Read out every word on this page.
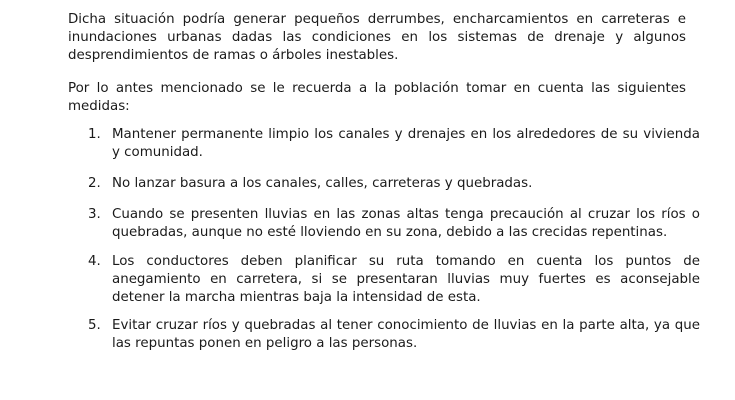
Dicha situación podría generar pequeños derrumbes, encharcamientos en carreteras e inundaciones urbanas dadas las condiciones en los sistemas de drenaje y algunos desprendimientos de ramas o árboles inestables.

Por lo antes mencionado se le recuerda a la población tomar en cuenta las siguientes medidas:

1. Mantener permanente limpio los canales y drenajes en los alrededores de su vivienda y comunidad.
2. No lanzar basura a los canales, calles, carreteras y quebradas.
3. Cuando se presenten lluvias en las zonas altas tenga precaución al cruzar los ríos o quebradas, aunque no esté lloviendo en su zona, debido a las crecidas repentinas.
4. Los conductores deben planificar su ruta tomando en cuenta los puntos de anegamiento en carretera, si se presentaran lluvias muy fuertes es aconsejable detener la marcha mientras baja la intensidad de esta.
5. Evitar cruzar ríos y quebradas al tener conocimiento de lluvias en la parte alta, ya que las repuntas ponen en peligro a las personas.
